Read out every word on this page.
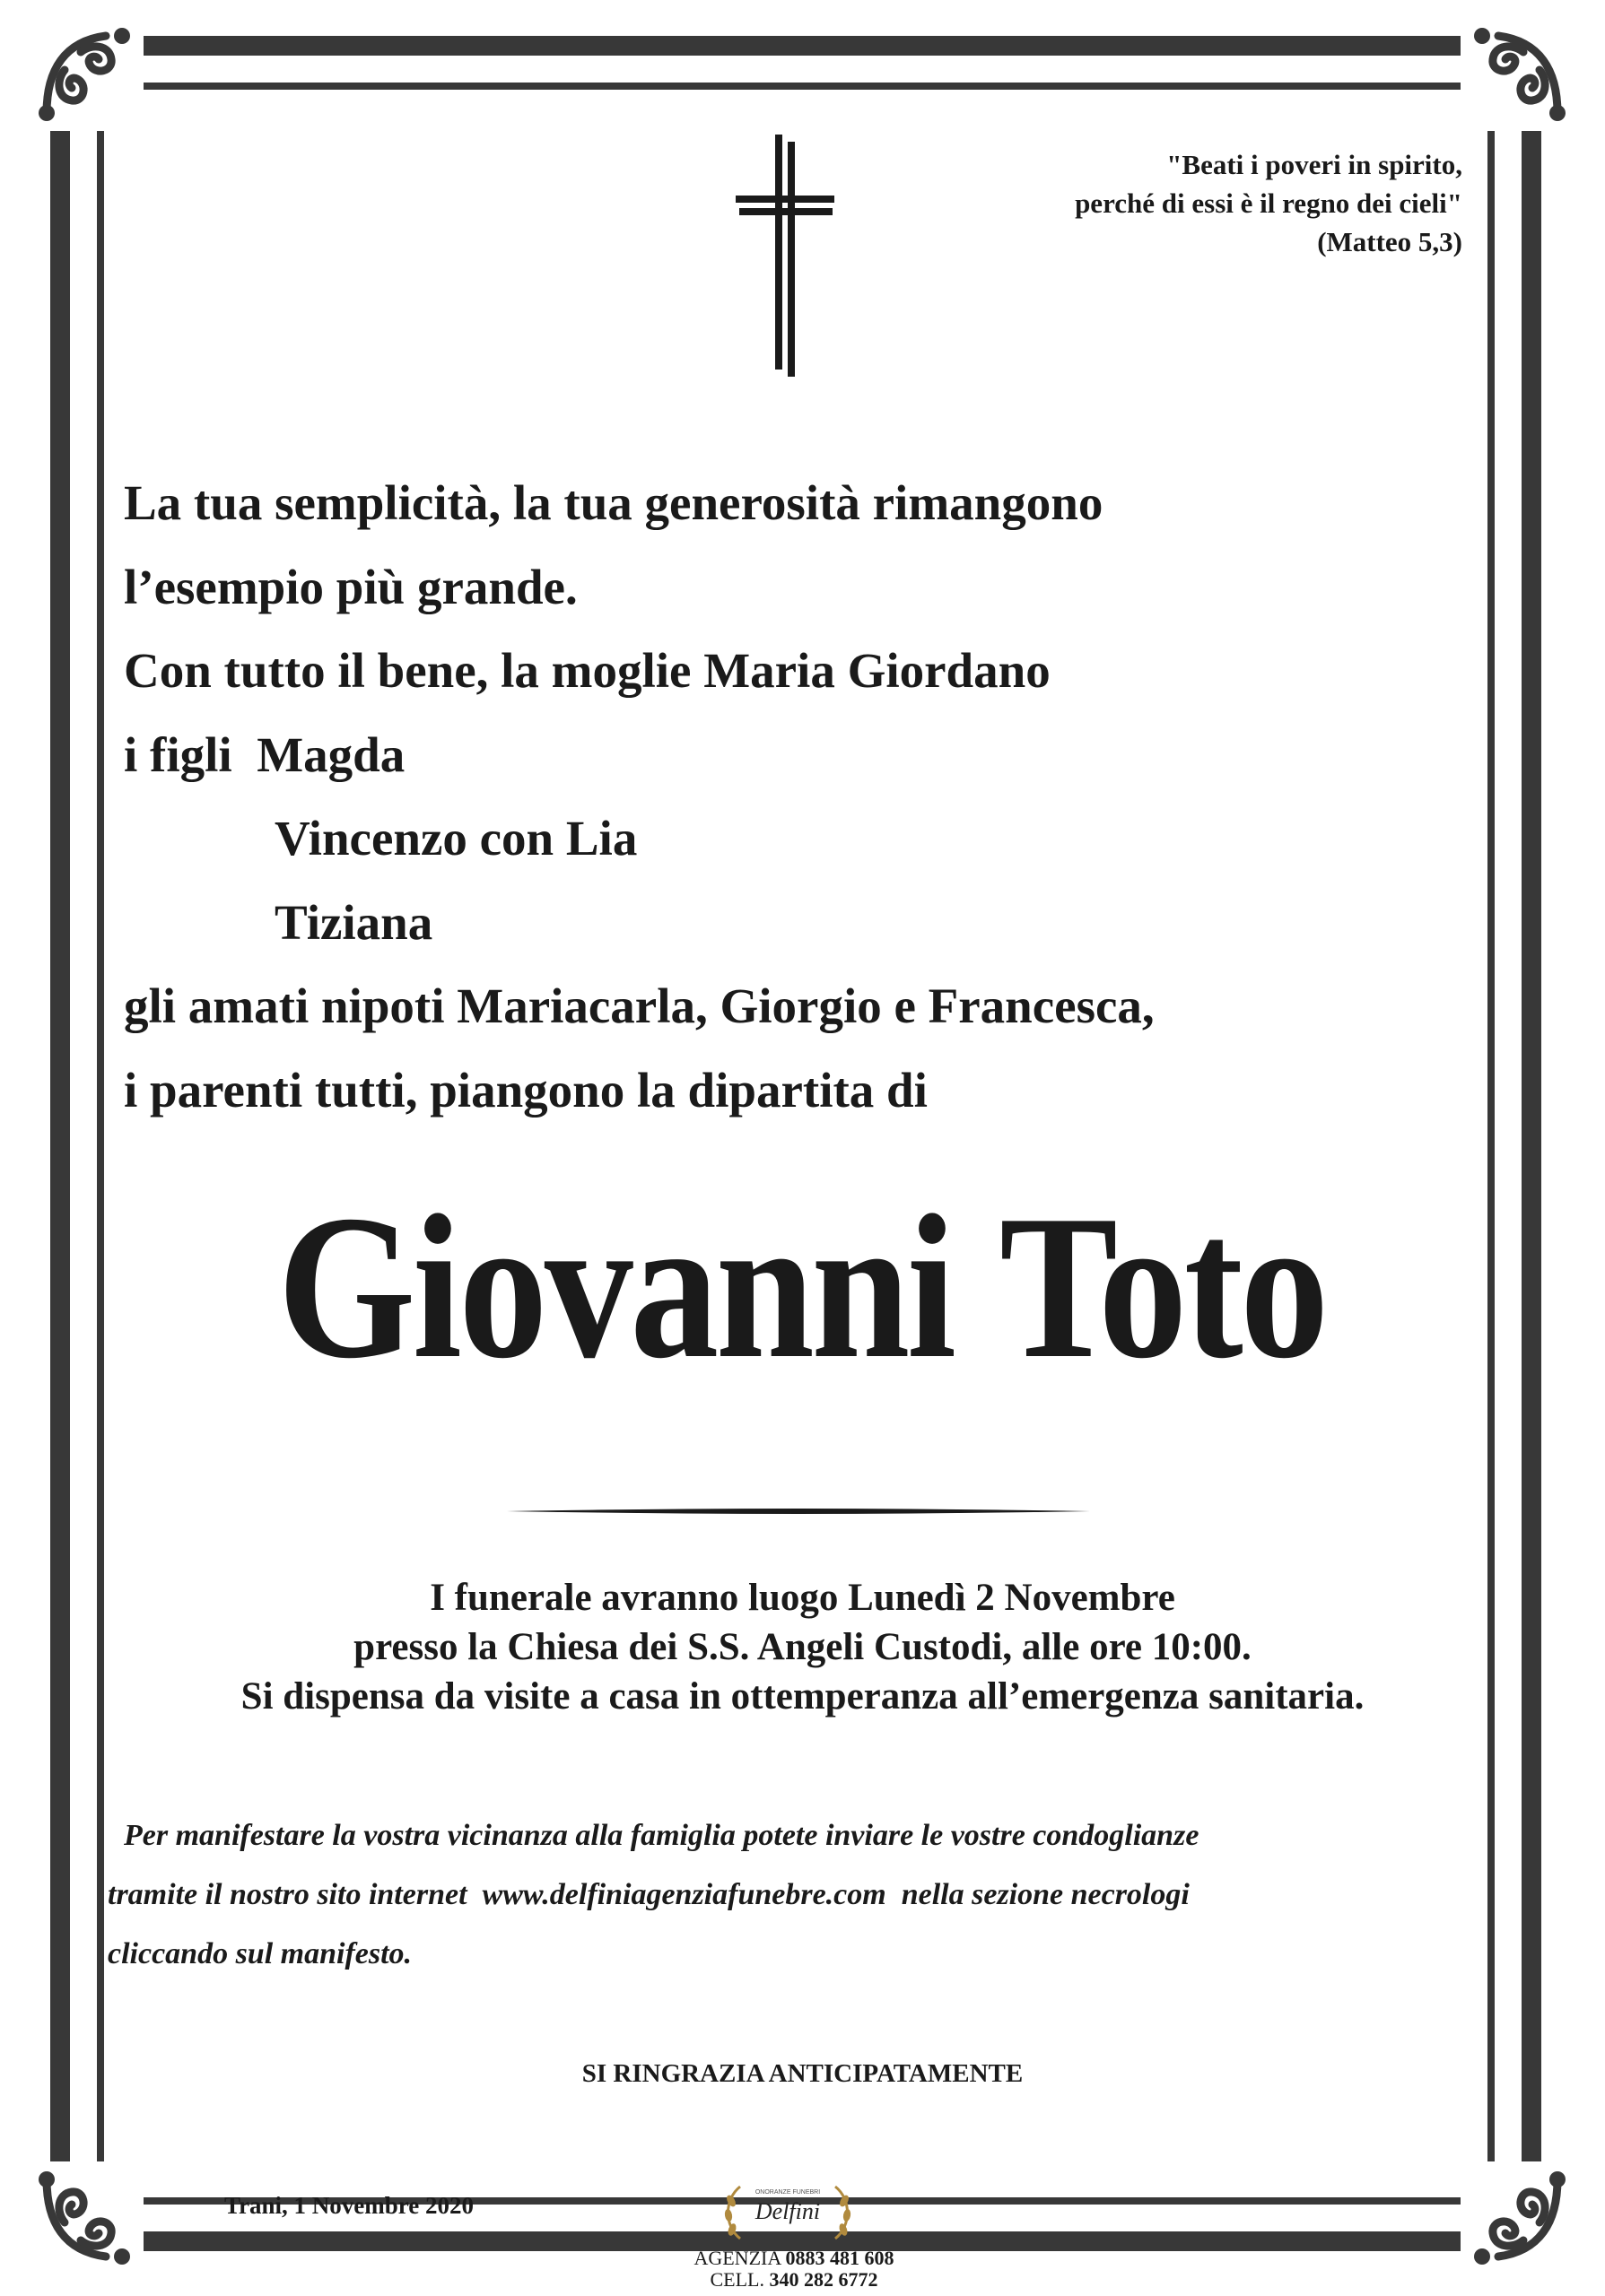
"Beati i poveri in spirito,
perché di essi è il regno dei cieli"
(Matteo 5,3)
La tua semplicità, la tua generosità rimangono
l’esempio più grande.
Con tutto il bene, la moglie Maria Giordano
i figli  Magda
Vincenzo con Lia
Tiziana
gli amati nipoti Mariacarla, Giorgio e Francesca,
i parenti tutti, piangono la dipartita di
Giovanni Toto
I funerale avranno luogo Lunedì 2 Novembre
presso la Chiesa dei S.S. Angeli Custodi, alle ore 10:00.
Si dispensa da visite a casa in ottemperanza all’emergenza sanitaria.
Per manifestare la vostra vicinanza alla famiglia potete inviare le vostre condoglianze
tramite il nostro sito internet  www.delfiniagenziafunebre.com  nella sezione necrologi
cliccando sul manifesto.
SI RINGRAZIA ANTICIPATAMENTE
Trani, 1 Novembre 2020	ONORANZE FUNEBRI
Delfini
AGENZIA 0883 481 608
CELL. 340 282 6772
